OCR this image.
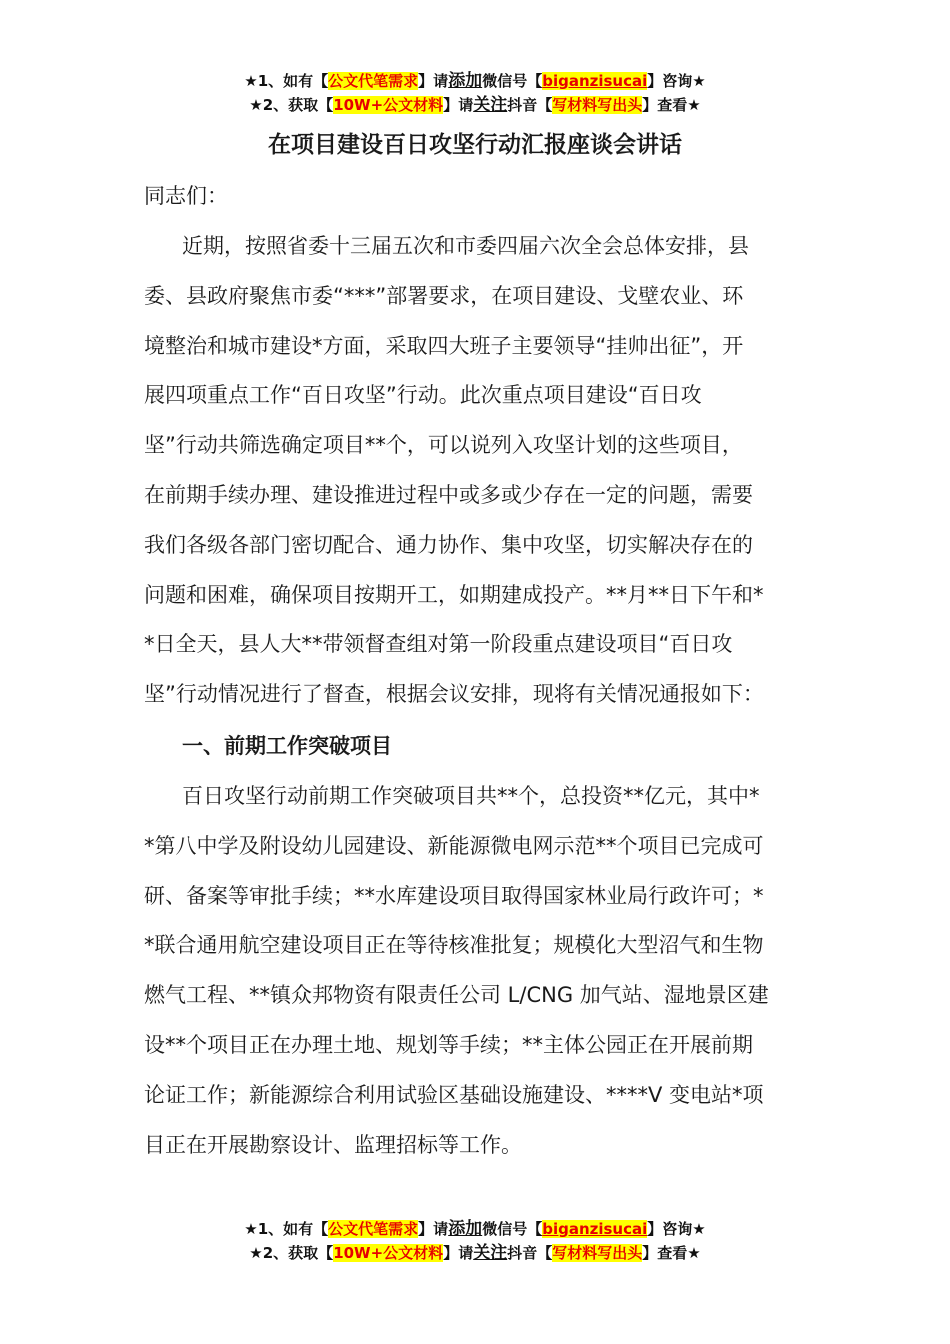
★1、如有【公文代笔需求】请添加微信号【biganzisucai】咨询★
★2、获取【10W+公文材料】请关注抖音【写材料写出头】查看★
在项目建设百日攻坚行动汇报座谈会讲话
同志们：
近期，按照省委十三届五次和市委四届六次全会总体安排，县
委、县政府聚焦市委“***”部署要求，在项目建设、戈壁农业、环
境整治和城市建设*方面，采取四大班子主要领导“挂帅出征”，开
展四项重点工作“百日攻坚”行动。此次重点项目建设“百日攻
坚”行动共筛选确定项目**个，可以说列入攻坚计划的这些项目，
在前期手续办理、建设推进过程中或多或少存在一定的问题，需要
我们各级各部门密切配合、通力协作、集中攻坚，切实解决存在的
问题和困难，确保项目按期开工，如期建成投产。**月**日下午和*
*日全天，县人大**带领督查组对第一阶段重点建设项目“百日攻
坚”行动情况进行了督查，根据会议安排，现将有关情况通报如下：
一、前期工作突破项目
百日攻坚行动前期工作突破项目共**个，总投资**亿元，其中*
*第八中学及附设幼儿园建设、新能源微电网示范**个项目已完成可
研、备案等审批手续；**水库建设项目取得国家林业局行政许可；*
*联合通用航空建设项目正在等待核准批复；规模化大型沼气和生物
燃气工程、**镇众邦物资有限责任公司 L/CNG 加气站、湿地景区建
设**个项目正在办理土地、规划等手续；**主体公园正在开展前期
论证工作；新能源综合利用试验区基础设施建设、****V 变电站*项
目正在开展勘察设计、监理招标等工作。
★1、如有【公文代笔需求】请添加微信号【biganzisucai】咨询★
★2、获取【10W+公文材料】请关注抖音【写材料写出头】查看★
